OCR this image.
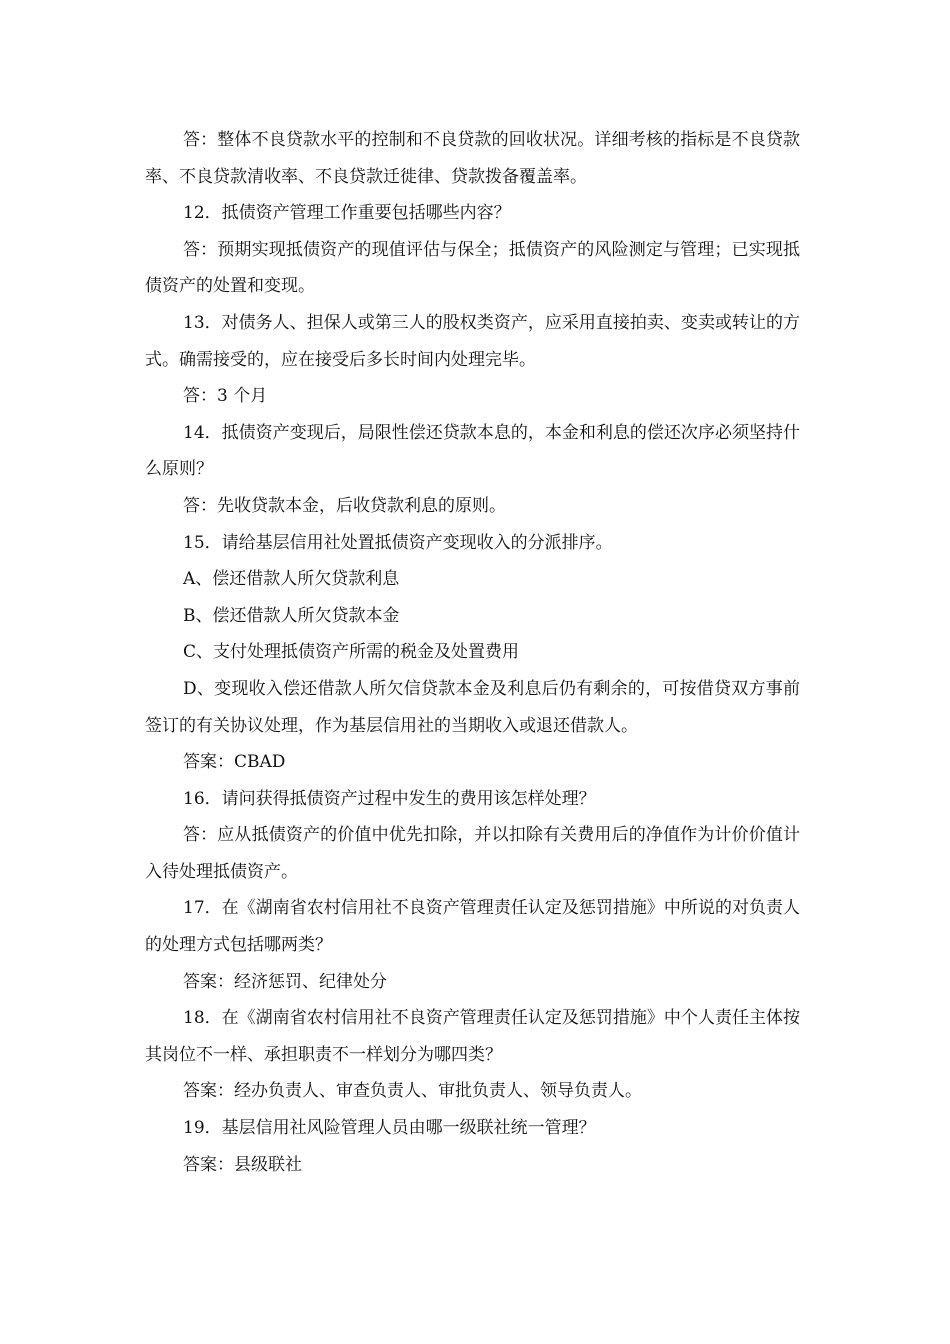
答：整体不良贷款水平的控制和不良贷款的回收状况。详细考核的指标是不良贷款率、不良贷款清收率、不良贷款迁徙律、贷款拨备覆盖率。

12．抵债资产管理工作重要包括哪些内容？

答：预期实现抵债资产的现值评估与保全；抵债资产的风险测定与管理；已实现抵债资产的处置和变现。

13．对债务人、担保人或第三人的股权类资产，应采用直接拍卖、变卖或转让的方式。确需接受的，应在接受后多长时间内处理完毕。

答：3 个月

14．抵债资产变现后，局限性偿还贷款本息的，本金和利息的偿还次序必须坚持什么原则？

答：先收贷款本金，后收贷款利息的原则。

15．请给基层信用社处置抵债资产变现收入的分派排序。

A、偿还借款人所欠贷款利息

B、偿还借款人所欠贷款本金

C、支付处理抵债资产所需的税金及处置费用

D、变现收入偿还借款人所欠信贷款本金及利息后仍有剩余的，可按借贷双方事前签订的有关协议处理，作为基层信用社的当期收入或退还借款人。

答案：CBAD

16．请问获得抵债资产过程中发生的费用该怎样处理？

答：应从抵债资产的价值中优先扣除，并以扣除有关费用后的净值作为计价价值计入待处理抵债资产。

17．在《湖南省农村信用社不良资产管理责任认定及惩罚措施》中所说的对负责人的处理方式包括哪两类？

答案：经济惩罚、纪律处分

18．在《湖南省农村信用社不良资产管理责任认定及惩罚措施》中个人责任主体按其岗位不一样、承担职责不一样划分为哪四类？

答案：经办负责人、审查负责人、审批负责人、领导负责人。

19．基层信用社风险管理人员由哪一级联社统一管理？

答案：县级联社
